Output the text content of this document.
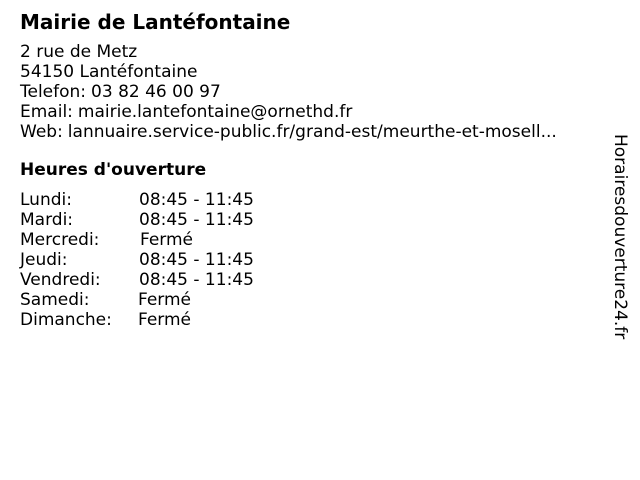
Mairie de Lantéfontaine
2 rue de Metz
54150 Lantéfontaine
Telefon: 03 82 46 00 97
Email: mairie.lantefontaine@ornethd.fr
Web: lannuaire.service-public.fr/grand-est/meurthe-et-mosell...
Heures d'ouverture
Lundi:	08:45 - 11:45
Mardi:	08:45 - 11:45
Mercredi: Fermé
Jeudi:	08:45 - 11:45
Vendredi: 08:45 - 11:45
Samedi:	Fermé
Dimanche: Fermé	Horairesdouverture24.fr
